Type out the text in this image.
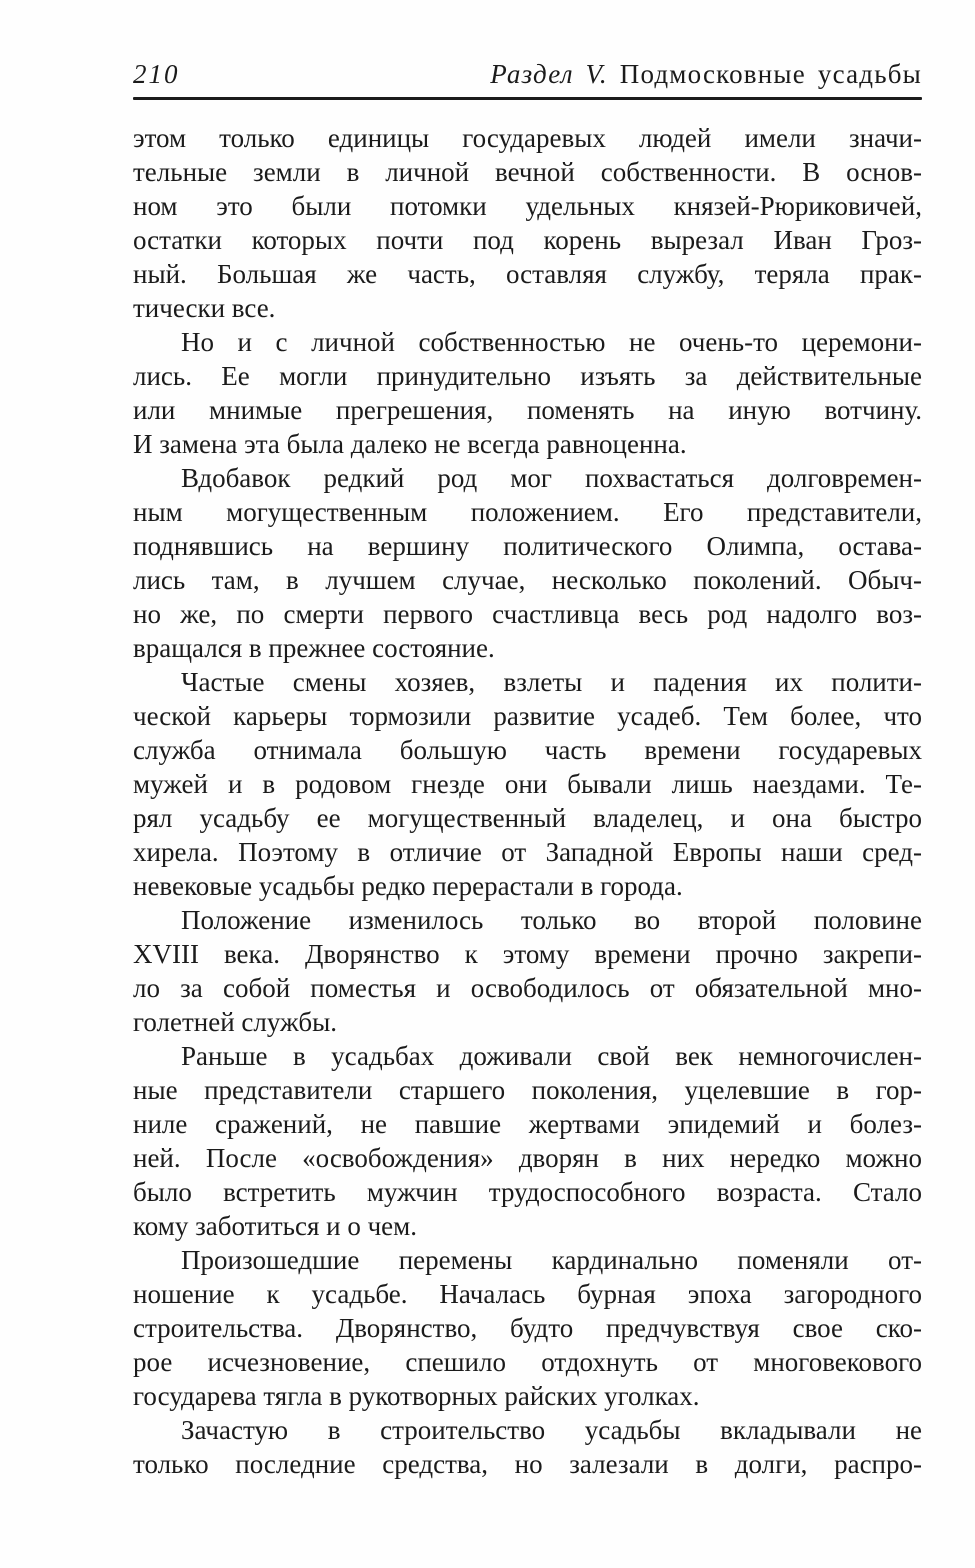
210	Раздел V. Подмосковные усадьбы
этом только единицы государевых людей имели значи-
тельные земли в личной вечной собственности. В основ-
ном это были потомки удельных князей-Рюриковичей,
остатки которых почти под корень вырезал Иван Гроз-
ный. Большая же часть, оставляя службу, теряла прак-
тически все.
Но и с личной собственностью не очень-то церемони-
лись. Ее могли принудительно изъять за действительные
или мнимые прегрешения, поменять на иную вотчину.
И замена эта была далеко не всегда равноценна.
Вдобавок редкий род мог похвастаться долговремен-
ным могущественным положением. Его представители,
поднявшись на вершину политического Олимпа, остава-
лись там, в лучшем случае, несколько поколений. Обыч-
но же, по смерти первого счастливца весь род надолго воз-
вращался в прежнее состояние.
Частые смены хозяев, взлеты и падения их полити-
ческой карьеры тормозили развитие усадеб. Тем более, что
служба отнимала большую часть времени государевых
мужей и в родовом гнезде они бывали лишь наездами. Те-
рял усадьбу ее могущественный владелец, и она быстро
хирела. Поэтому в отличие от Западной Европы наши сред-
невековые усадьбы редко перерастали в города.
Положение изменилось только во второй половине
XVIII века. Дворянство к этому времени прочно закрепи-
ло за собой поместья и освободилось от обязательной мно-
голетней службы.
Раньше в усадьбах доживали свой век немногочислен-
ные представители старшего поколения, уцелевшие в гор-
ниле сражений, не павшие жертвами эпидемий и болез-
ней. После «освобождения» дворян в них нередко можно
было встретить мужчин трудоспособного возраста. Стало
кому заботиться и о чем.
Произошедшие перемены кардинально поменяли от-
ношение к усадьбе. Началась бурная эпоха загородного
строительства. Дворянство, будто предчувствуя свое ско-
рое исчезновение, спешило отдохнуть от многовекового
государева тягла в рукотворных райских уголках.
Зачастую в строительство усадьбы вкладывали не
только последние средства, но залезали в долги, распро-
